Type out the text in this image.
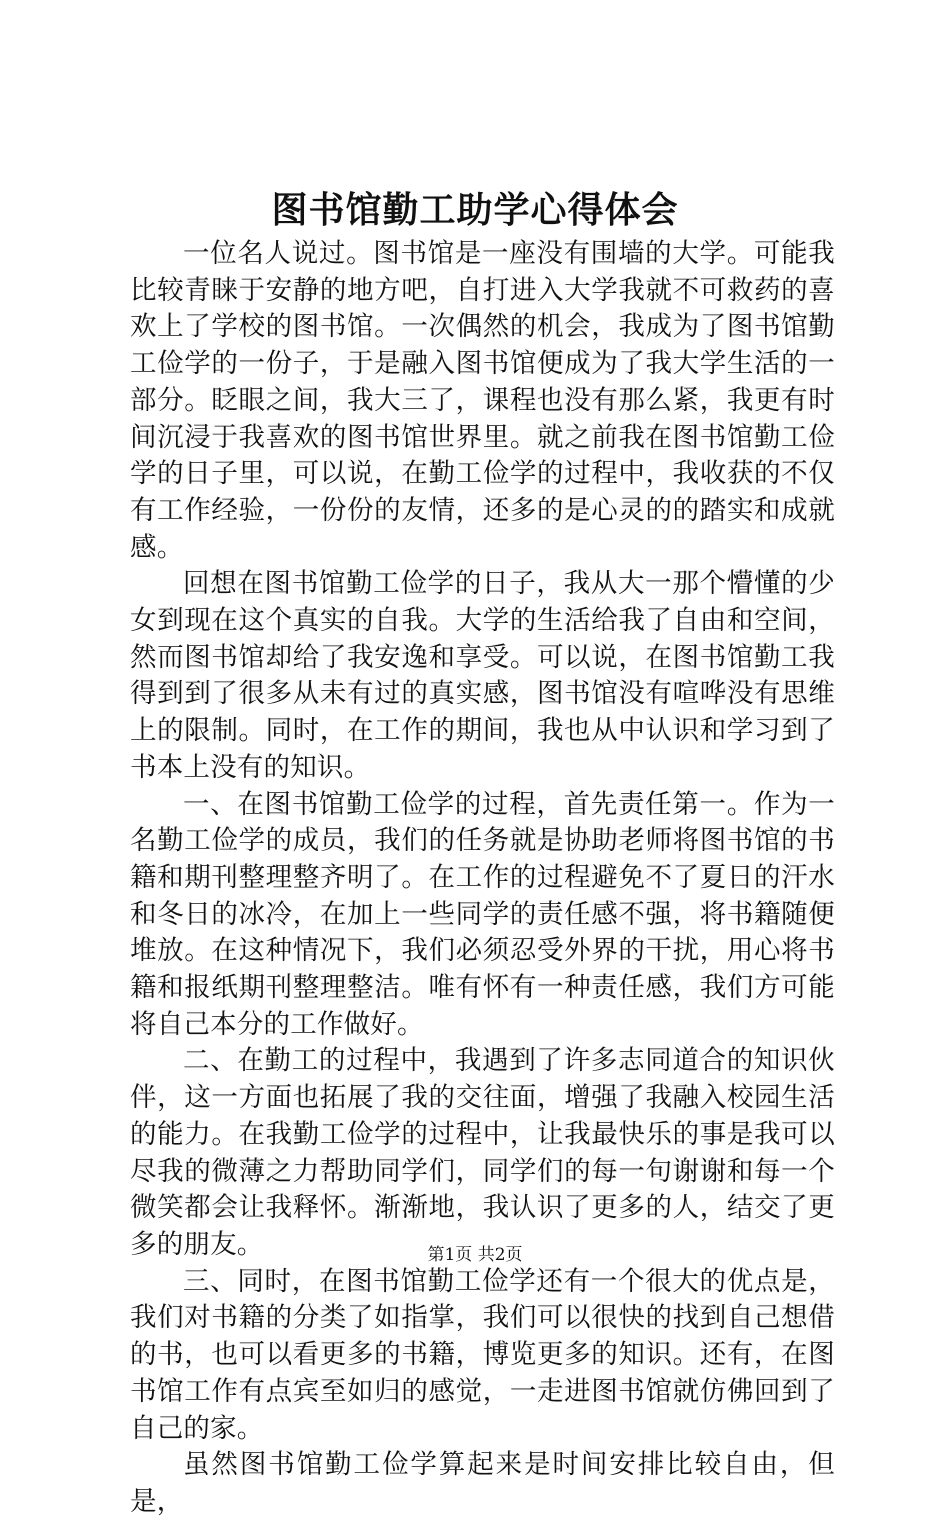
图书馆勤工助学心得体会

一位名人说过。图书馆是一座没有围墙的大学。可能我比较青睐于安静的地方吧，自打进入大学我就不可救药的喜欢上了学校的图书馆。一次偶然的机会，我成为了图书馆勤工俭学的一份子，于是融入图书馆便成为了我大学生活的一部分。眨眼之间，我大三了，课程也没有那么紧，我更有时间沉浸于我喜欢的图书馆世界里。就之前我在图书馆勤工俭学的日子里，可以说，在勤工俭学的过程中，我收获的不仅有工作经验，一份份的友情，还多的是心灵的的踏实和成就感。

回想在图书馆勤工俭学的日子，我从大一那个懵懂的少女到现在这个真实的自我。大学的生活给我了自由和空间，然而图书馆却给了我安逸和享受。可以说，在图书馆勤工我得到到了很多从未有过的真实感，图书馆没有喧哗没有思维上的限制。同时，在工作的期间，我也从中认识和学习到了书本上没有的知识。

一、在图书馆勤工俭学的过程，首先责任第一。作为一名勤工俭学的成员，我们的任务就是协助老师将图书馆的书籍和期刊整理整齐明了。在工作的过程避免不了夏日的汗水和冬日的冰冷，在加上一些同学的责任感不强，将书籍随便堆放。在这种情况下，我们必须忍受外界的干扰，用心将书籍和报纸期刊整理整洁。唯有怀有一种责任感，我们方可能将自己本分的工作做好。

二、在勤工的过程中，我遇到了许多志同道合的知识伙伴，这一方面也拓展了我的交往面，增强了我融入校园生活的能力。在我勤工俭学的过程中，让我最快乐的事是我可以尽我的微薄之力帮助同学们，同学们的每一句谢谢和每一个微笑都会让我释怀。渐渐地，我认识了更多的人，结交了更多的朋友。

三、同时，在图书馆勤工俭学还有一个很大的优点是，我们对书籍的分类了如指掌，我们可以很快的找到自己想借的书，也可以看更多的书籍，博览更多的知识。还有，在图书馆工作有点宾至如归的感觉，一走进图书馆就仿佛回到了自己的家。

虽然图书馆勤工俭学算起来是时间安排比较自由，但是，

第1页 共2页
